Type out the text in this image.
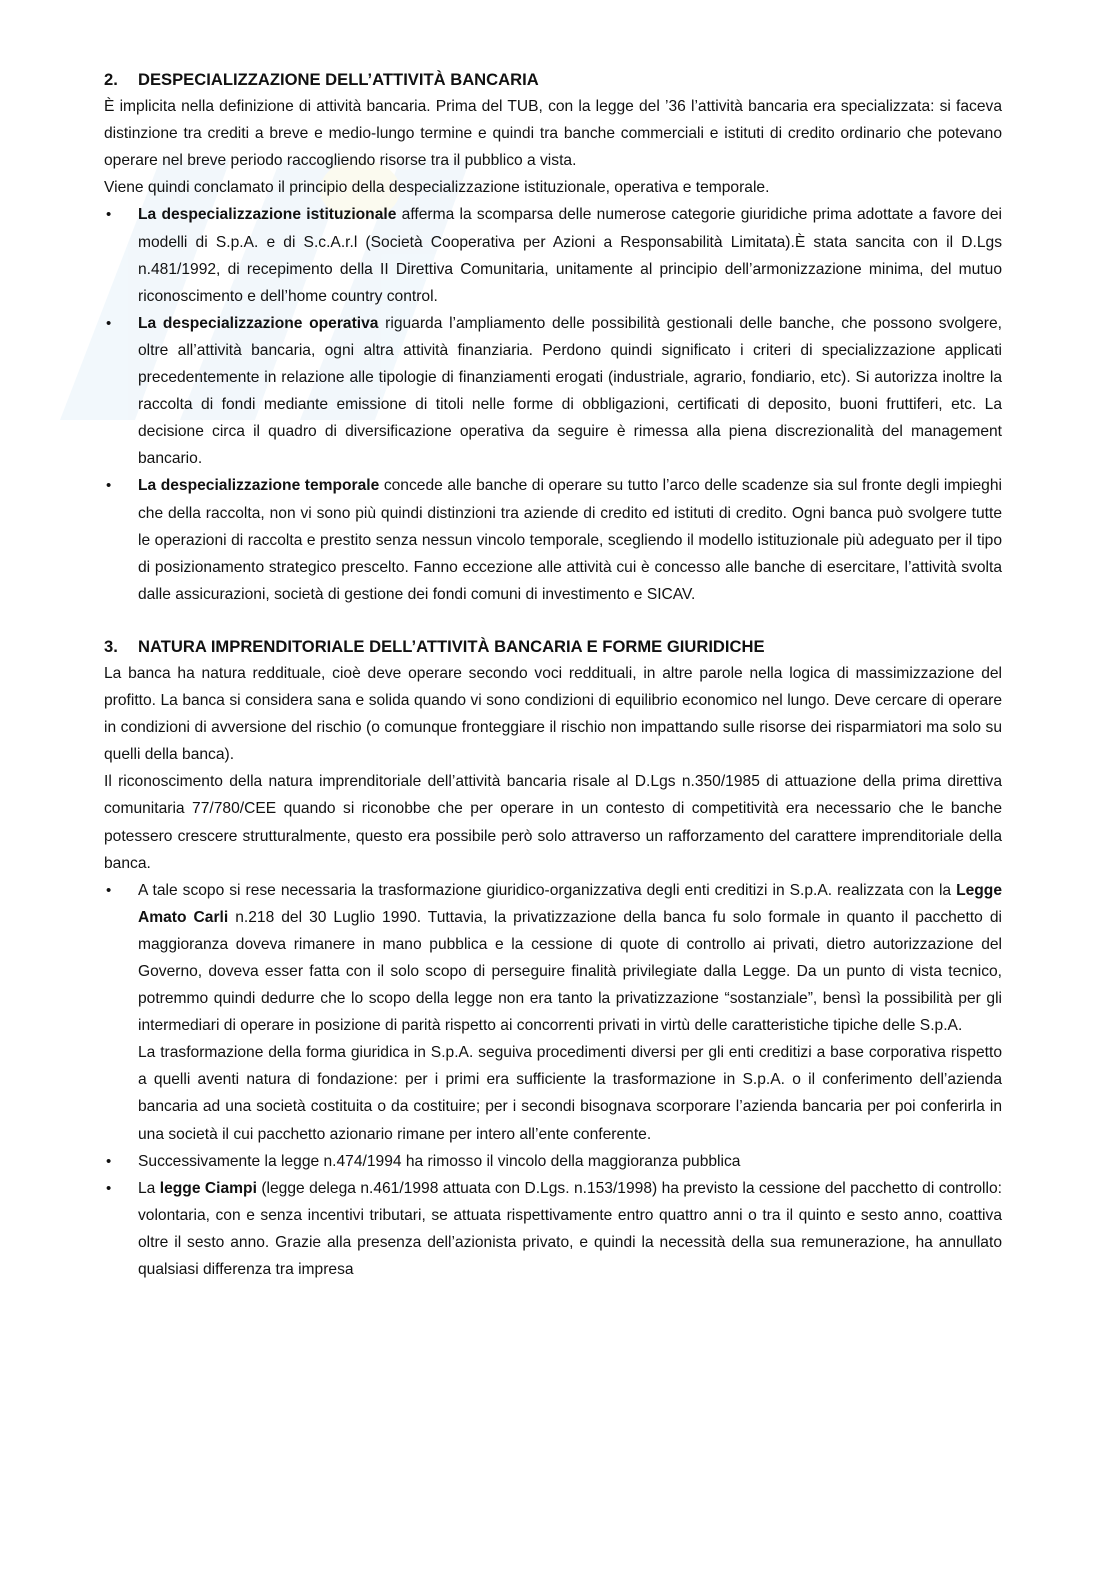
2.	DESPECIALIZZAZIONE DELL’ATTIVITÀ BANCARIA

È implicita nella definizione di attività bancaria. Prima del TUB, con la legge del ’36 l’attività bancaria era specializzata: si faceva distinzione tra crediti a breve e medio-lungo termine e quindi tra banche commerciali e istituti di credito ordinario che potevano operare nel breve periodo raccogliendo risorse tra il pubblico a vista.

Viene quindi conclamato il principio della despecializzazione istituzionale, operativa e temporale.

• La despecializzazione istituzionale afferma la scomparsa delle numerose categorie giuridiche prima adottate a favore dei modelli di S.p.A. e di S.c.A.r.l (Società Cooperativa per Azioni a Responsabilità Limitata).È stata sancita con il D.Lgs n.481/1992, di recepimento della II Direttiva Comunitaria, unitamente al principio dell’armonizzazione minima, del mutuo riconoscimento e dell’home country control.
• La despecializzazione operativa riguarda l’ampliamento delle possibilità gestionali delle banche, che possono svolgere, oltre all’attività bancaria, ogni altra attività finanziaria. Perdono quindi significato i criteri di specializzazione applicati precedentemente in relazione alle tipologie di finanziamenti erogati (industriale, agrario, fondiario, etc). Si autorizza inoltre la raccolta di fondi mediante emissione di titoli nelle forme di obbligazioni, certificati di deposito, buoni fruttiferi, etc. La decisione circa il quadro di diversificazione operativa da seguire è rimessa alla piena discrezionalità del management bancario.
• La despecializzazione temporale concede alle banche di operare su tutto l’arco delle scadenze sia sul fronte degli impieghi che della raccolta, non vi sono più quindi distinzioni tra aziende di credito ed istituti di credito. Ogni banca può svolgere tutte le operazioni di raccolta e prestito senza nessun vincolo temporale, scegliendo il modello istituzionale più adeguato per il tipo di posizionamento strategico prescelto. Fanno eccezione alle attività cui è concesso alle banche di esercitare, l’attività svolta dalle assicurazioni, società di gestione dei fondi comuni di investimento e SICAV.
3.	NATURA IMPRENDITORIALE DELL’ATTIVITÀ BANCARIA E FORME GIURIDICHE

La banca ha natura reddituale, cioè deve operare secondo voci reddituali, in altre parole nella logica di massimizzazione del profitto. La banca si considera sana e solida quando vi sono condizioni di equilibrio economico nel lungo. Deve cercare di operare in condizioni di avversione del rischio (o comunque fronteggiare il rischio non impattando sulle risorse dei risparmiatori ma solo su quelli della banca).

Il riconoscimento della natura imprenditoriale dell’attività bancaria risale al D.Lgs n.350/1985 di attuazione della prima direttiva comunitaria 77/780/CEE quando si riconobbe che per operare in un contesto di competitività era necessario che le banche potessero crescere strutturalmente, questo era possibile però solo attraverso un rafforzamento del carattere imprenditoriale della banca.

• A tale scopo si rese necessaria la trasformazione giuridico-organizzativa degli enti creditizi in S.p.A. realizzata con la Legge Amato Carli n.218 del 30 Luglio 1990. Tuttavia, la privatizzazione della banca fu solo formale in quanto il pacchetto di maggioranza doveva rimanere in mano pubblica e la cessione di quote di controllo ai privati, dietro autorizzazione del Governo, doveva esser fatta con il solo scopo di perseguire finalità privilegiate dalla Legge. Da un punto di vista tecnico, potremmo quindi dedurre che lo scopo della legge non era tanto la privatizzazione “sostanziale”, bensì la possibilità per gli intermediari di operare in posizione di parità rispetto ai concorrenti privati in virtù delle caratteristiche tipiche delle S.p.A.

La trasformazione della forma giuridica in S.p.A. seguiva procedimenti diversi per gli enti creditizi a base corporativa rispetto a quelli aventi natura di fondazione: per i primi era sufficiente la trasformazione in S.p.A. o il conferimento dell’azienda bancaria ad una società costituita o da costituire; per i secondi bisognava scorporare l’azienda bancaria per poi conferirla in una società il cui pacchetto azionario rimane per intero all’ente conferente.

• Successivamente la legge n.474/1994 ha rimosso il vincolo della maggioranza pubblica
• La legge Ciampi (legge delega n.461/1998 attuata con D.Lgs. n.153/1998) ha previsto la cessione del pacchetto di controllo: volontaria, con e senza incentivi tributari, se attuata rispettivamente entro quattro anni o tra il quinto e sesto anno, coattiva oltre il sesto anno. Grazie alla presenza dell’azionista privato, e quindi la necessità della sua remunerazione, ha annullato qualsiasi differenza tra impresa
